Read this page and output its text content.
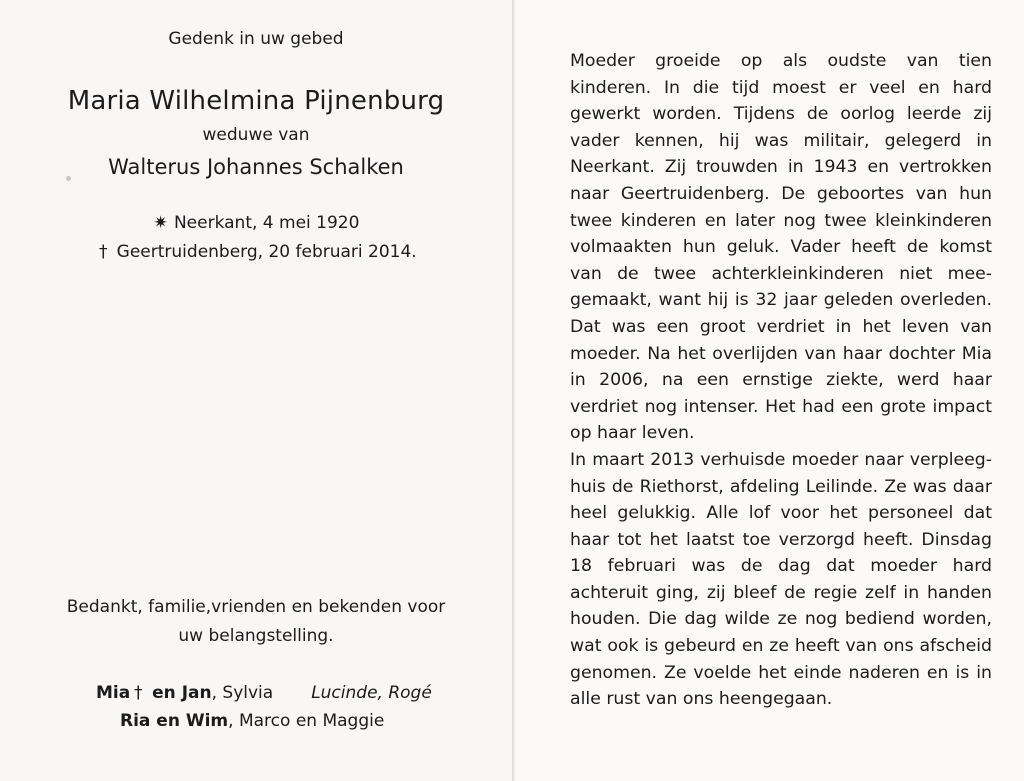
Gedenk in uw gebed
Maria Wilhelmina Pijnenburg
weduwe van
Walterus Johannes Schalken
✷ Neerkant, 4 mei 1920
† Geertruidenberg, 20 februari 2014.
Bedankt, familie,vrienden en bekenden voor
uw belangstelling.
Mia † en Jan, Sylvia Lucinde, Rogé
Ria en Wim, Marco en Maggie
Moeder groeide op als oudste van tien
kinderen. In die tijd moest er veel en hard
gewerkt worden. Tijdens de oorlog leerde zij
vader kennen, hij was militair, gelegerd in
Neerkant. Zij trouwden in 1943 en vertrokken
naar Geertruidenberg. De geboortes van hun
twee kinderen en later nog twee kleinkinderen
volmaakten hun geluk. Vader heeft de komst
van de twee achterkleinkinderen niet mee-
gemaakt, want hij is 32 jaar geleden overleden.
Dat was een groot verdriet in het leven van
moeder. Na het overlijden van haar dochter Mia
in 2006, na een ernstige ziekte, werd haar
verdriet nog intenser. Het had een grote impact
op haar leven.
In maart 2013 verhuisde moeder naar verpleeg-
huis de Riethorst, afdeling Leilinde. Ze was daar
heel gelukkig. Alle lof voor het personeel dat
haar tot het laatst toe verzorgd heeft. Dinsdag
18 februari was de dag dat moeder hard
achteruit ging, zij bleef de regie zelf in handen
houden. Die dag wilde ze nog bediend worden,
wat ook is gebeurd en ze heeft van ons afscheid
genomen. Ze voelde het einde naderen en is in
alle rust van ons heengegaan.
